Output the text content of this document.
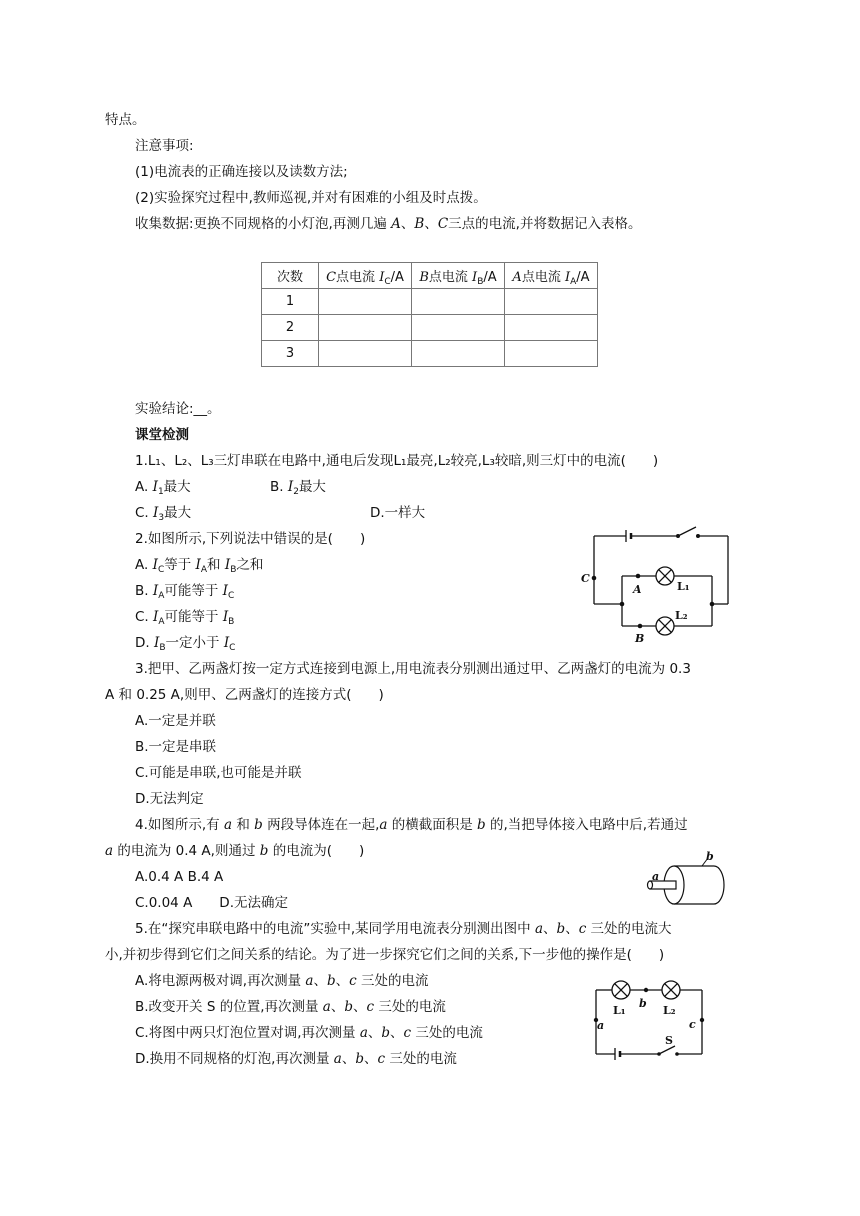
特点。
注意事项:
(1)电流表的正确连接以及读数方法;
(2)实验探究过程中,教师巡视,并对有困难的小组及时点拨。
收集数据:更换不同规格的小灯泡,再测几遍 A、B、C三点的电流,并将数据记入表格。
次数	C点电流 $I_C/A$	B点电流 $I_B/A$	A点电流 $I_A/A$
1			
2			
3			
实验结论:__。
课堂检测
1.L₁、L₂、L₃三灯串联在电路中,通电后发现L₁最亮,L₂较亮,L₃较暗,则三灯中的电流(　　)
A. $I_1$最大	B. $I_2$最大
C. $I_3$最大	D.一样大
2.如图所示,下列说法中错误的是(　　)
A. $I_C$等于 $I_A$和 $I_B$之和
B. $I_A$可能等于 $I_C$
C. $I_A$可能等于 $I_B$
D. $I_B$一定小于 $I_C$
C
A
B
L₁
L₂
3.把甲、乙两盏灯按一定方式连接到电源上,用电流表分别测出通过甲、乙两盏灯的电流为 0.3
A 和 0.25 A,则甲、乙两盏灯的连接方式(　　)
A.一定是并联
B.一定是串联
C.可能是串联,也可能是并联
D.无法判定
4.如图所示,有 a 和 b 两段导体连在一起,a 的横截面积是 b 的,当把导体接入电路中后,若通过
a 的电流为 0.4 A,则通过 b 的电流为(　　)
A.0.4 A B.4 A
C.0.04 A　　D.无法确定
a
b
5.在“探究串联电路中的电流”实验中,某同学用电流表分别测出图中 a、b、c 三处的电流大
小,并初步得到它们之间关系的结论。为了进一步探究它们之间的关系,下一步他的操作是(　　)
A.将电源两极对调,再次测量 a、b、c 三处的电流
B.改变开关 S 的位置,再次测量 a、b、c 三处的电流
C.将图中两只灯泡位置对调,再次测量 a、b、c 三处的电流
D.换用不同规格的灯泡,再次测量 a、b、c 三处的电流
a
b
c
L₁	L₂
S
